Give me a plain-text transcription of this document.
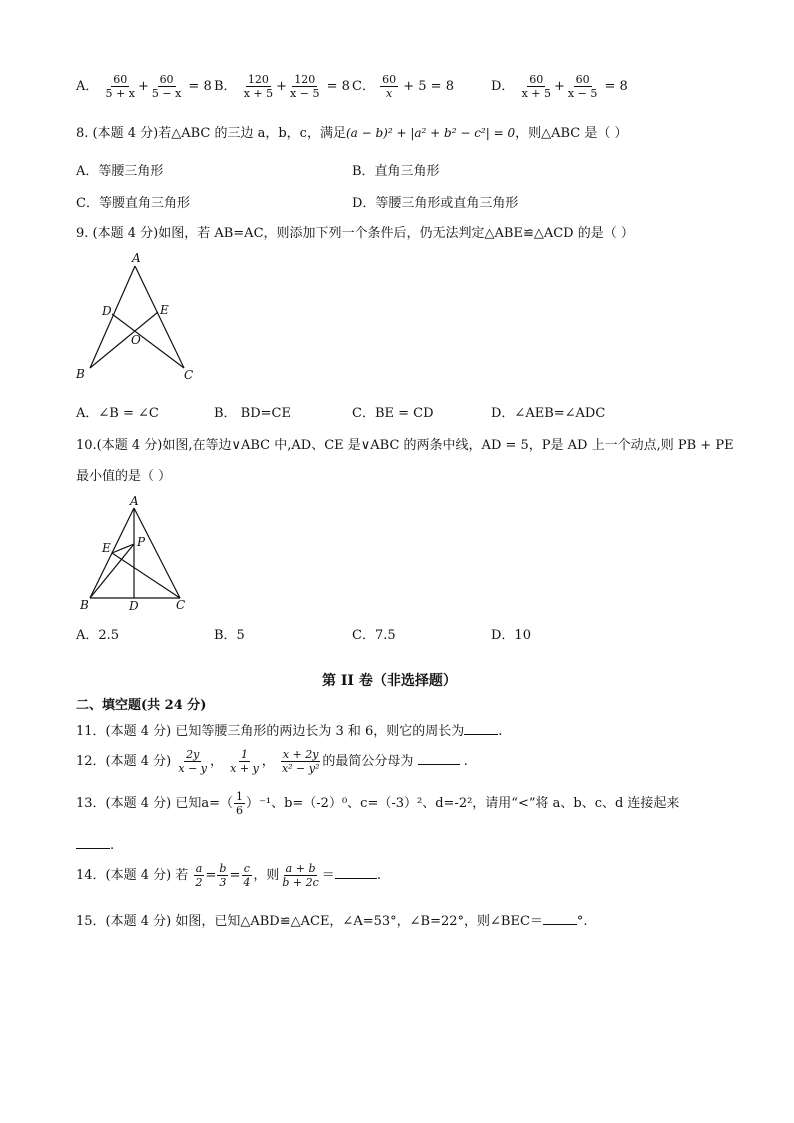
A． $\frac{60}{5 + x} + \frac{60}{5 - x} = 8$ B． $\frac{120}{x + 5} + \frac{120}{x - 5} = 8$ C． $\frac{60}{x} + 5 = 8$	D． $\frac{60}{x + 5} + \frac{60}{x - 5} = 8$
8. (本题 4 分)若△ABC 的三边 a，b，c，满足(a − b)² + |a² + b² − c²| = 0，则△ABC 是（ ）
A．等腰三角形	B．直角三角形
C．等腰直角三角形	D．等腰三角形或直角三角形
9. (本题 4 分)如图，若 AB=AC，则添加下列一个条件后，仍无法判定△ABE≌△ACD 的是（ ）
A
D	E
O
B	C
A．∠B = ∠C	B． BD=CE	C．BE = CD	D．∠AEB=∠ADC
10.(本题 4 分)如图,在等边∨ABC 中,AD、CE 是∨ABC 的两条中线，AD = 5，P是 AD 上一个动点,则 PB + PE
最小值的是（ ）
A
E P
B	D	C
A．2.5	B．5	C．7.5	D．10
第 II 卷（非选择题）
二、填空题(共 24 分)
11．(本题 4 分) 已知等腰三角形的两边长为 3 和 6，则它的周长为	.
12．(本题 4 分) $\frac{2y}{x - y}$ ， $\frac{1}{x + y}$ ， $\frac{x + 2y}{\text{x² − y²}}$ 的最简公分母为	.
13．(本题 4 分) 已知$a=( \frac{1}{6} )^{-1}$、b=（-2）⁰、c=（-3）²、d=-2²，请用“<”将 a、b、c、d 连接起来
.
14．(本题 4 分) 若 $\frac{a}{2} = \frac{b}{3} = \frac{c}{4}$ ，则 $\frac{a + b}{b + 2c}$ ＝	.
15．(本题 4 分) 如图，已知△ABD≌△ACE，∠A=53°，∠B=22°，则∠BEC＝	°.
